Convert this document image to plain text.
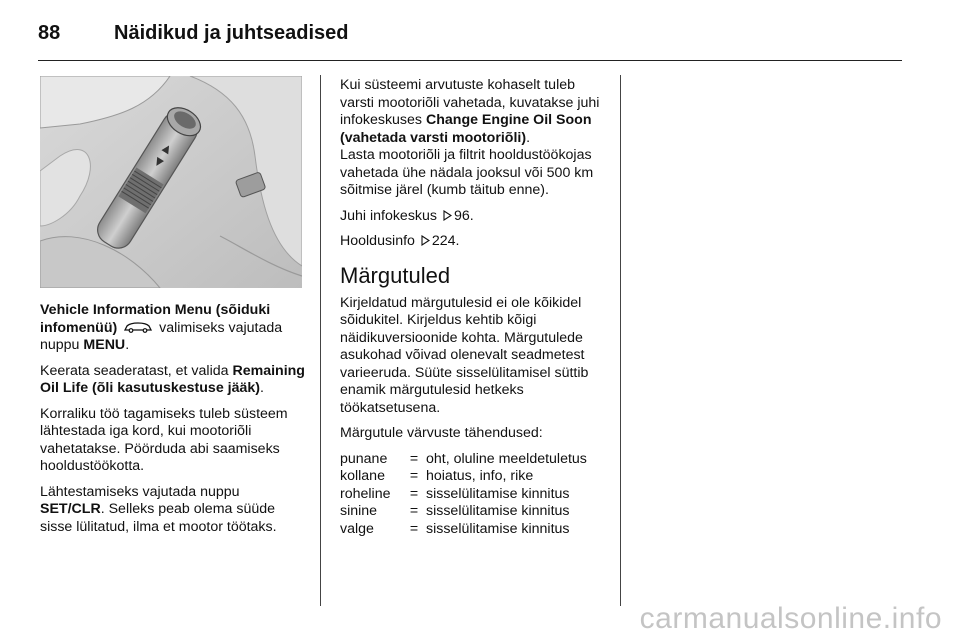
88	Näidikud ja juhtseadised

Vehicle Information Menu (sõiduki infomenüü)	valimiseks vajutada nuppu MENU.

Keerata seaderatast, et valida Remaining Oil Life (õli kasutuskestuse jääk).

Korraliku töö tagamiseks tuleb süsteem lähtestada iga kord, kui mootoriõli vahetatakse. Pöörduda abi saamiseks hooldustöökotta.

Lähtestamiseks vajutada nuppu SET/CLR. Selleks peab olema süüde sisse lülitatud, ilma et mootor töötaks.

Kui süsteemi arvutuste kohaselt tuleb varsti mootoriõli vahetada, kuvatakse juhi infokeskuses Change Engine Oil Soon (vahetada varsti mootoriõli).
Lasta mootoriõli ja filtrit hooldustöökojas vahetada ühe nädala jooksul või 500 km sõitmise järel (kumb täitub enne).

Juhi infokeskus 96.

Hooldusinfo 224.

Märgutuled

Kirjeldatud märgutulesid ei ole kõikidel sõidukitel. Kirjeldus kehtib kõigi näidikuversioonide kohta. Märgutulede asukohad võivad olenevalt seadmetest varieeruda. Süüte sisselülitamisel süttib enamik märgutulesid hetkeks töökatsetusena.

Märgutule värvuste tähendused:

punane	=	oht, oluline meeldetuletus
kollane	=	hoiatus, info, rike
roheline	=	sisselülitamise kinnitus
sinine	=	sisselülitamise kinnitus
valge	=	sisselülitamise kinnitus
carmanualsonline.info
